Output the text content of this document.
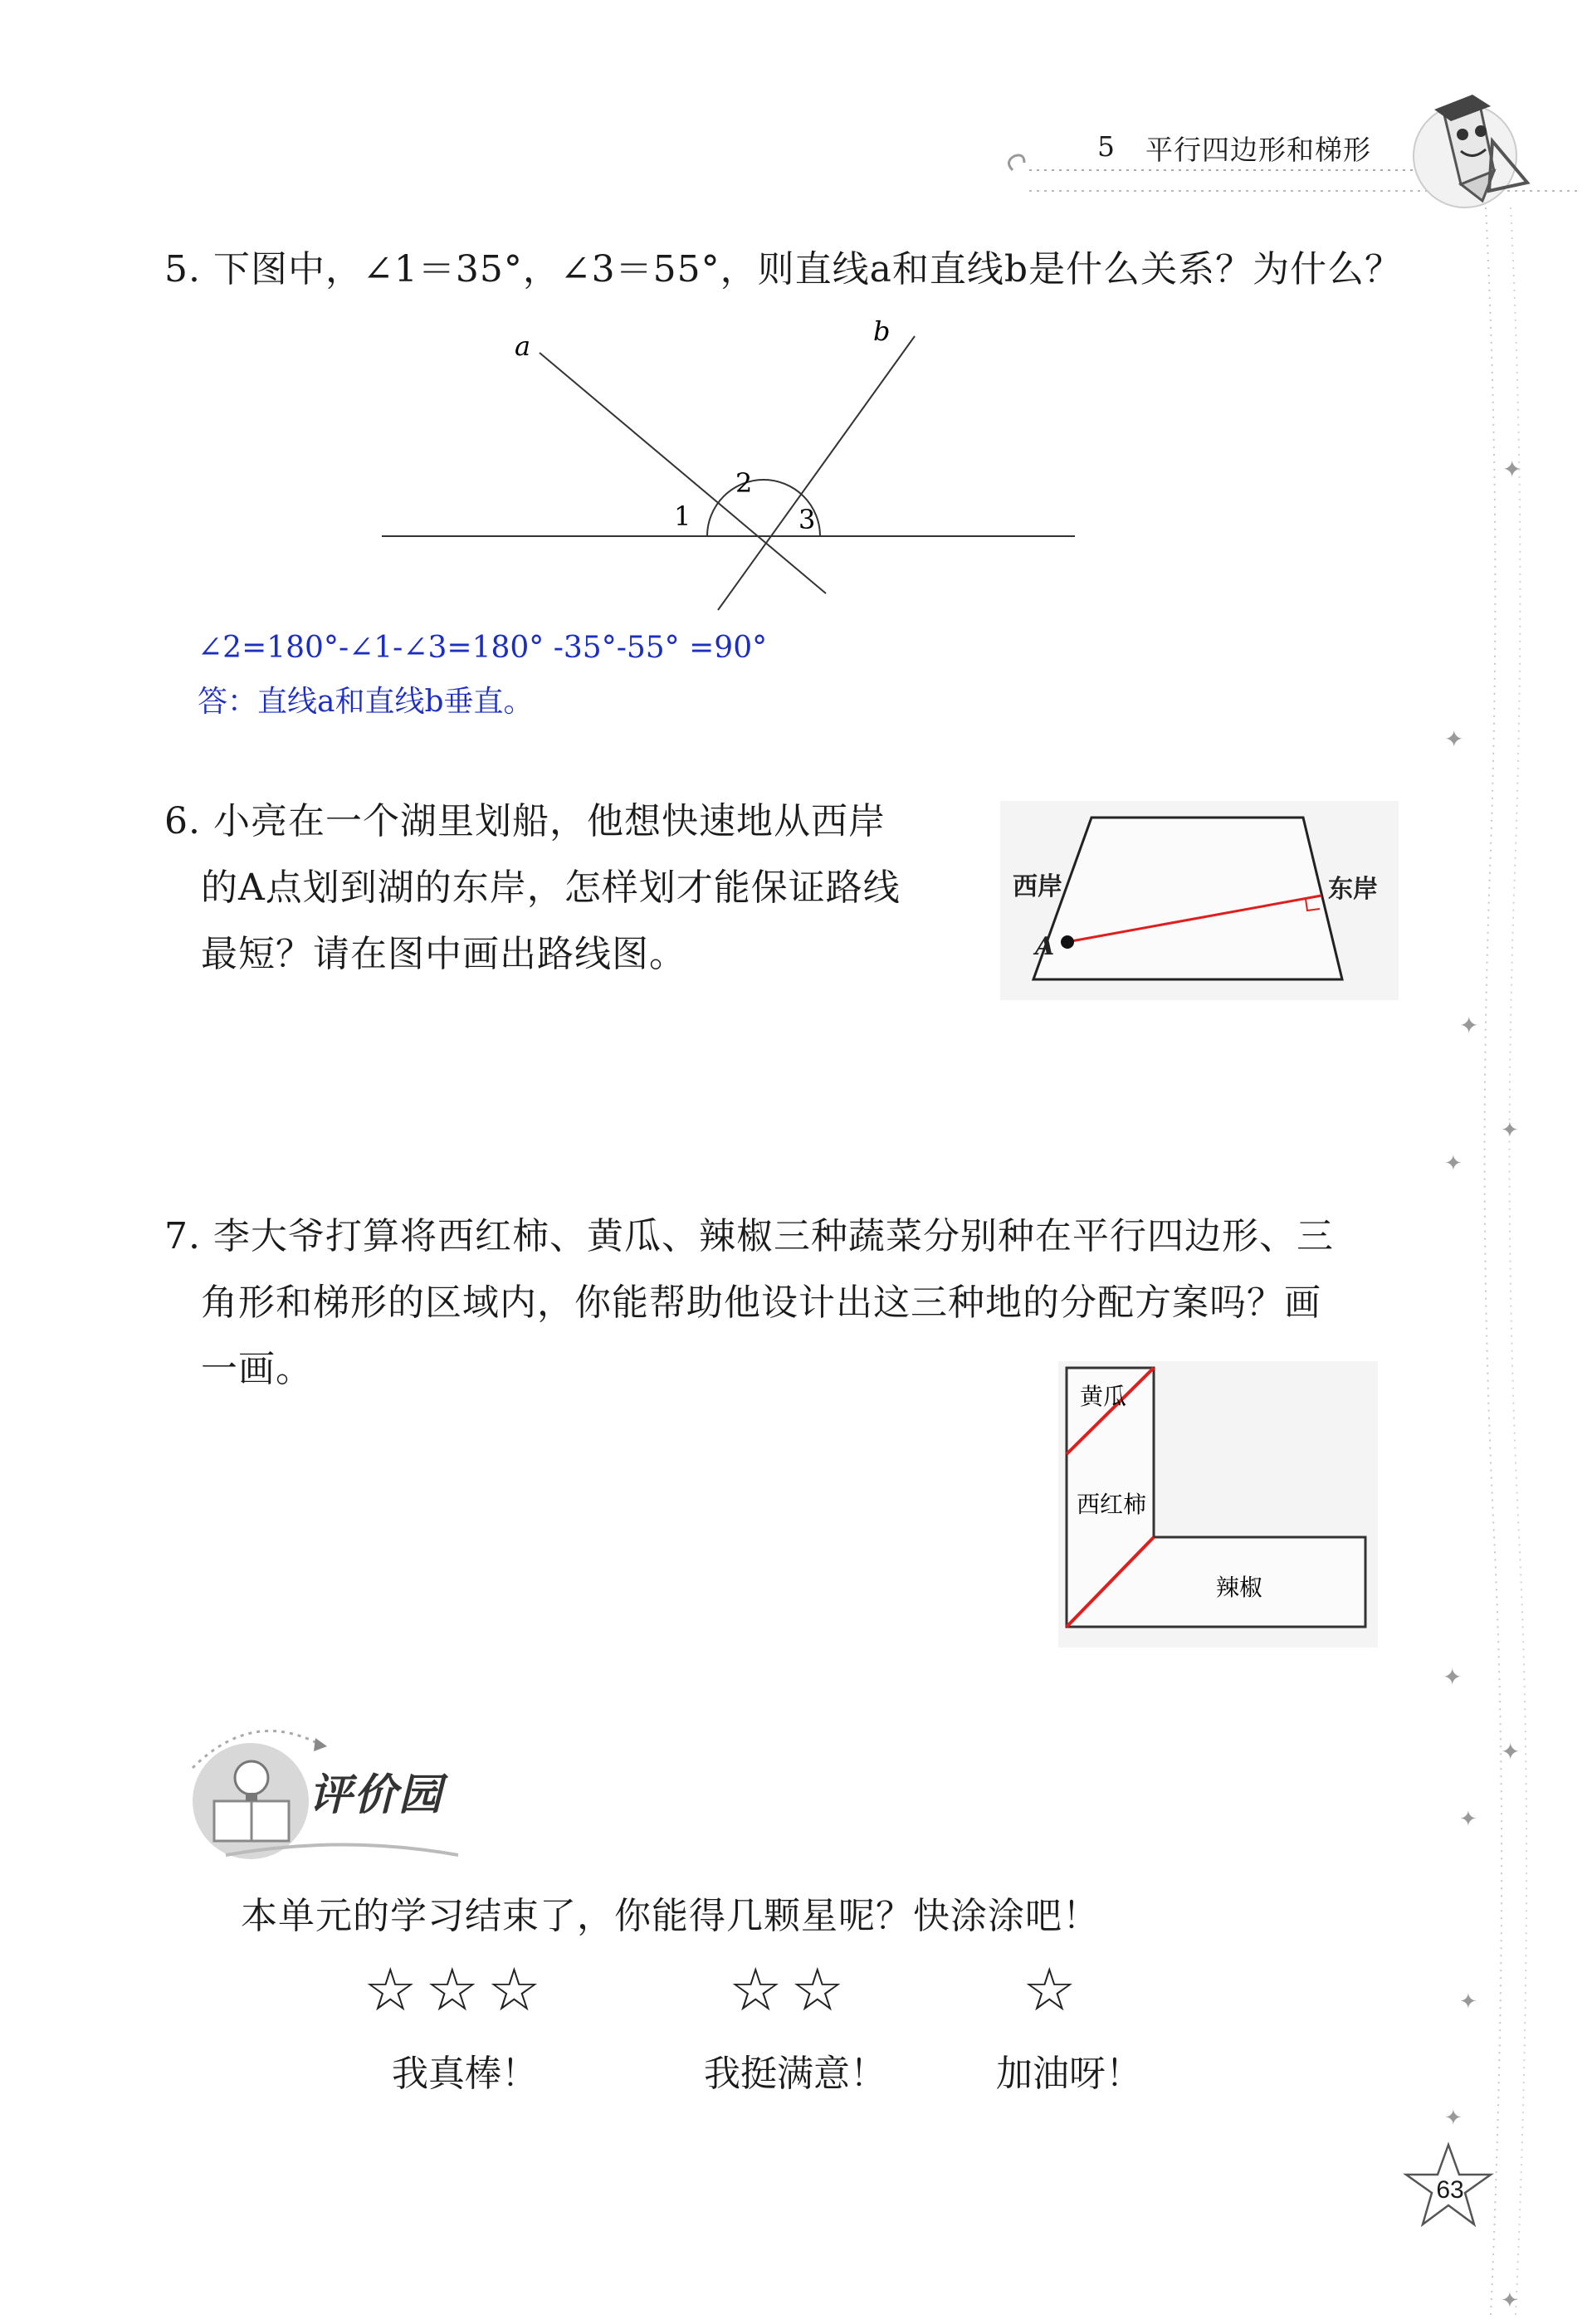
5 平行四边形和梯形
✦
✦
✦
✦
✦
✦
✦
✦
✦
✦
✦
5. 下图中，∠1＝35°，∠3＝55°，则直线a和直线b是什么关系？为什么？
a	b
1
2
3
∠2=180°-∠1-∠3=180° -35°-55° =90°
答：直线a和直线b垂直。
6. 小亮在一个湖里划船，他想快速地从西岸
的A点划到湖的东岸，怎样划才能保证路线
最短？请在图中画出路线图。
西岸	东岸
A
7. 李大爷打算将西红柿、黄瓜、辣椒三种蔬菜分别种在平行四边形、三
角形和梯形的区域内，你能帮助他设计出这三种地的分配方案吗？画
一画。
黄瓜
西红柿
辣椒
评价园
本单元的学习结束了，你能得几颗星呢？快涂涂吧！
☆☆☆	☆☆	☆
我真棒！	我挺满意！	加油呀！
63
